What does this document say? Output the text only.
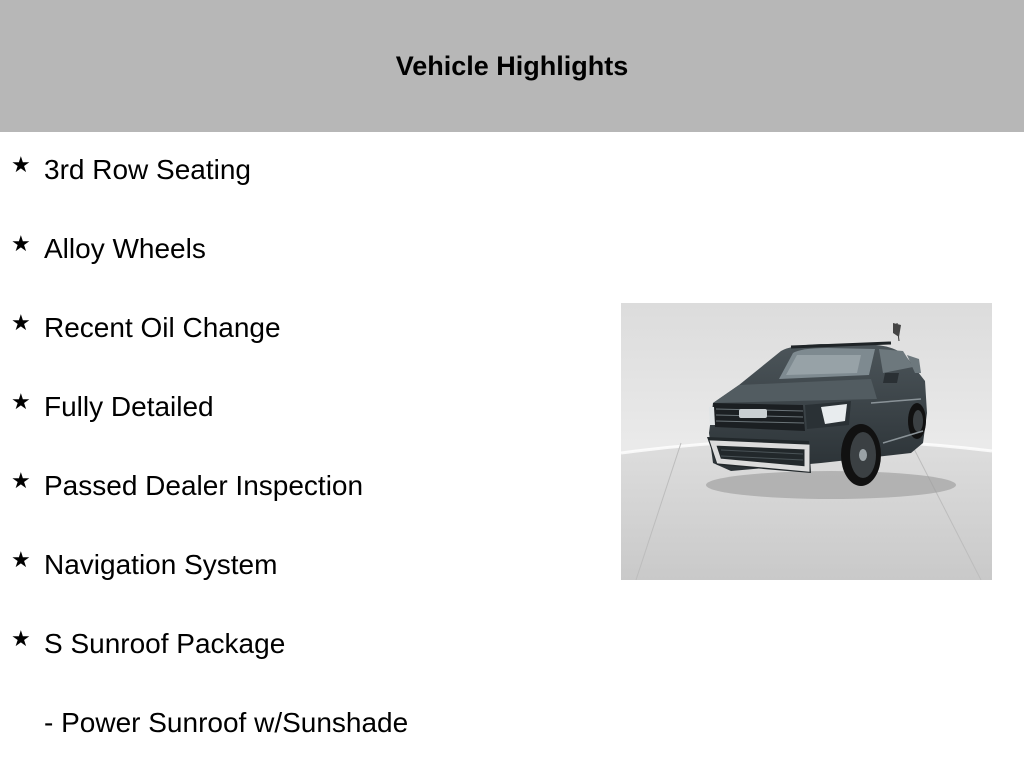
Vehicle Highlights
★ 3rd Row Seating
★ Alloy Wheels
★ Recent Oil Change
★ Fully Detailed
★ Passed Dealer Inspection
★ Navigation System
★ S Sunroof Package
- Power Sunroof w/Sunshade
